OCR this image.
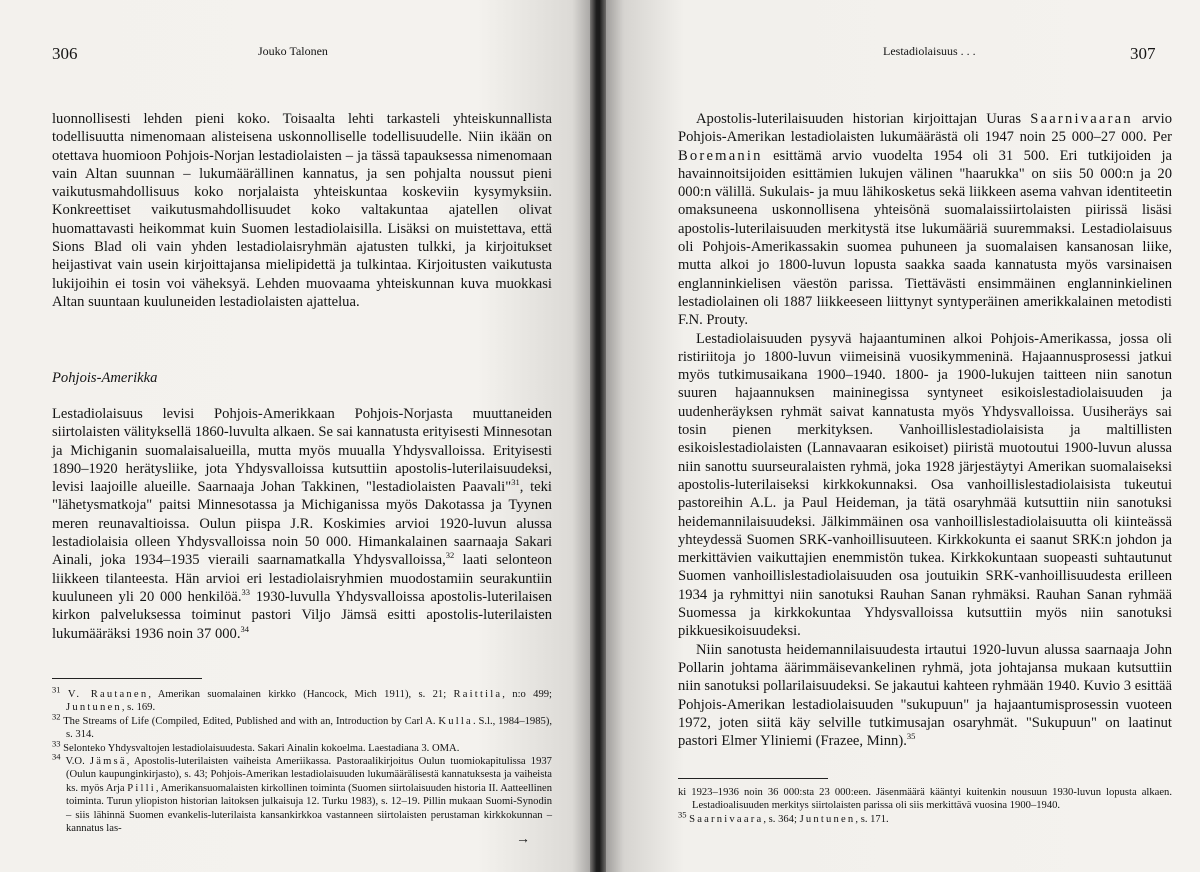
306	Jouko Talonen

luonnollisesti lehden pieni koko. Toisaalta lehti tarkasteli yhteiskunnallista todellisuutta nimenomaan alisteisena uskonnolliselle todellisuudelle. Niin ikään on otettava huomioon Pohjois-Norjan lestadiolaisten – ja tässä tapauksessa nimenomaan vain Altan suunnan – lukumäärällinen kannatus, ja sen pohjalta noussut pieni vaikutusmahdollisuus koko norjalaista yhteiskuntaa koskeviin kysymyksiin. Konkreettiset vaikutusmahdollisuudet koko valtakuntaa ajatellen olivat huomattavasti heikommat kuin Suomen lestadiolaisilla. Lisäksi on muistettava, että Sions Blad oli vain yhden lestadiolaisryhmän ajatusten tulkki, ja kirjoitukset heijastivat vain usein kirjoittajansa mielipidettä ja tulkintaa. Kirjoitusten vaikutusta lukijoihin ei tosin voi väheksyä. Lehden muovaama yhteiskunnan kuva muokkasi Altan suuntaan kuuluneiden lestadiolaisten ajattelua.

Pohjois-Amerikka

Lestadiolaisuus levisi Pohjois-Amerikkaan Pohjois-Norjasta muuttaneiden siirtolaisten välityksellä 1860-luvulta alkaen. Se sai kannatusta erityisesti Minnesotan ja Michiganin suomalaisalueilla, mutta myös muualla Yhdysvalloissa. Erityisesti 1890–1920 herätysliike, jota Yhdysvalloissa kutsuttiin apostolis-luterilaisuudeksi, levisi laajoille alueille. Saarnaaja Johan Takkinen, "lestadiolaisten Paavali"$^{31}$, teki "lähetysmatkoja" paitsi Minnesotassa ja Michiganissa myös Dakotassa ja Tyynen meren reunavaltioissa. Oulun piispa J.R. Koskimies arvioi 1920-luvun alussa lestadiolaisia olleen Yhdysvalloissa noin 50 000. Himankalainen saarnaaja Sakari Ainali, joka 1934–1935 vieraili saarnamatkalla Yhdysvalloissa,$^{32}$ laati selonteon liikkeen tilanteesta. Hän arvioi eri lestadiolaisryhmien muodostamiin seurakuntiin kuuluneen yli 20 000 henkilöä.$^{33}$ 1930-luvulla Yhdysvalloissa apostolis-luterilaisen kirkon palveluksessa toiminut pastori Viljo Jämsä esitti apostolis-luterilaisten lukumääräksi 1936 noin 37 000.34

$^{31}$ V. Rautanen, Amerikan suomalainen kirkko (Hancock, Mich 1911), s. 21; Raittila, n:o 499; Juntunen, s. 169.

$^{32}$ The Streams of Life (Compiled, Edited, Published and with an, Introduction by Carl A. Kulla. S.l., 1984–1985), s. 314.

$^{33}$ Selonteko Yhdysvaltojen lestadiolaisuudesta. Sakari Ainalin kokoelma. Laestadiana 3. OMA.

$^{34}$ V.O. Jämsä, Apostolis-luterilaisten vaiheista Ameriikassa. Pastoraalikirjoitus Oulun tuomiokapitulissa 1937 (Oulun kaupunginkirjasto), s. 43; Pohjois-Amerikan lestadiolaisuuden lukumäärälisestä kannatuksesta ja vaiheista ks. myös Arja Pilli, Amerikansuomalaisten kirkollinen toiminta (Suomen siirtolaisuuden historia II. Aatteellinen toiminta. Turun yliopiston historian laitoksen julkaisuja 12. Turku 1983), s. 12–19. Pillin mukaan Suomi-Synodin – siis lähinnä Suomen evankelis-luterilaista kansankirkkoa vastanneen siirtolaisten perustaman kirkkokunnan – kannatus las-

→
Lestadiolaisuus . . .	307

Apostolis-luterilaisuuden historian kirjoittajan Uuras Saarnivaaran arvio Pohjois-Amerikan lestadiolaisten lukumäärästä oli 1947 noin 25 000–27 000. Per Boremanin esittämä arvio vuodelta 1954 oli 31 500. Eri tutkijoiden ja havainnoitsijoiden esittämien lukujen välinen "haarukka" on siis 50 000:n ja 20 000:n välillä. Sukulais- ja muu lähikosketus sekä liikkeen asema vahvan identiteetin omaksuneena uskonnollisena yhteisönä suomalaissiirtolaisten piirissä lisäsi apostolis-luterilaisuuden merkitystä itse lukumääriä suuremmaksi. Lestadiolaisuus oli Pohjois-Amerikassakin suomea puhuneen ja suomalaisen kansanosan liike, mutta alkoi jo 1800-luvun lopusta saakka saada kannatusta myös varsinaisen englanninkielisen väestön parissa. Tiettävästi ensimmäinen englanninkielinen lestadiolainen oli 1887 liikkeeseen liittynyt syntyperäinen amerikkalainen metodisti F.N. Prouty.

Lestadiolaisuuden pysyvä hajaantuminen alkoi Pohjois-Amerikassa, jossa oli ristiriitoja jo 1800-luvun viimeisinä vuosikymmeninä. Hajaannusprosessi jatkui myös tutkimusaikana 1900–1940. 1800- ja 1900-lukujen taitteen niin sanotun suuren hajaannuksen maininegissa syntyneet esikoislestadiolaisuuden ja uudenheräyksen ryhmät saivat kannatusta myös Yhdysvalloissa. Uusiheräys sai tosin pienen merkityksen. Vanhoillislestadiolaisista ja maltillisten esikoislestadiolaisten (Lannavaaran esikoiset) piiristä muotoutui 1900-luvun alussa niin sanottu suurseuralaisten ryhmä, joka 1928 järjestäytyi Amerikan suomalaiseksi apostolis-luterilaiseksi kirkkokunnaksi. Osa vanhoillislestadiolaisista tukeutui pastoreihin A.L. ja Paul Heideman, ja tätä osaryhmää kutsuttiin niin sanotuksi heidemannilaisuudeksi. Jälkimmäinen osa vanhoillislestadiolaisuutta oli kiinteässä yhteydessä Suomen SRK-vanhoillisuuteen. Kirkkokunta ei saanut SRK:n johdon ja merkittävien vaikuttajien enemmistön tukea. Kirkkokuntaan suopeasti suhtautunut Suomen vanhoillislestadiolaisuuden osa joutuikin SRK-vanhoillisuudesta erilleen 1934 ja ryhmittyi niin sanotuksi Rauhan Sanan ryhmäksi. Rauhan Sanan ryhmää Suomessa ja kirkkokuntaa Yhdysvalloissa kutsuttiin myös niin sanotuksi pikkuesikoisuudeksi.

Niin sanotusta heidemannilaisuudesta irtautui 1920-luvun alussa saarnaaja John Pollarin johtama äärimmäisevankelinen ryhmä, jota johtajansa mukaan kutsuttiin niin sanotuksi pollarilaisuudeksi. Se jakautui kahteen ryhmään 1940. Kuvio 3 esittää Pohjois-Amerikan lestadiolaisuuden "sukupuun" ja hajaantumisprosessin vuoteen 1972, joten siitä käy selville tutkimusajan osaryhmät. "Sukupuun" on laatinut pastori Elmer Yliniemi (Frazee, Minn).$^{35}$

ki 1923–1936 noin 36 000:sta 23 000:een. Jäsenmäärä kääntyi kuitenkin nousuun 1930-luvun lopusta alkaen. Lestadioalisuuden merkitys siirtolaisten parissa oli siis merkittävä vuosina 1900–1940.

$^{35}$ Saarnivaara, s. 364; Juntunen, s. 171.
